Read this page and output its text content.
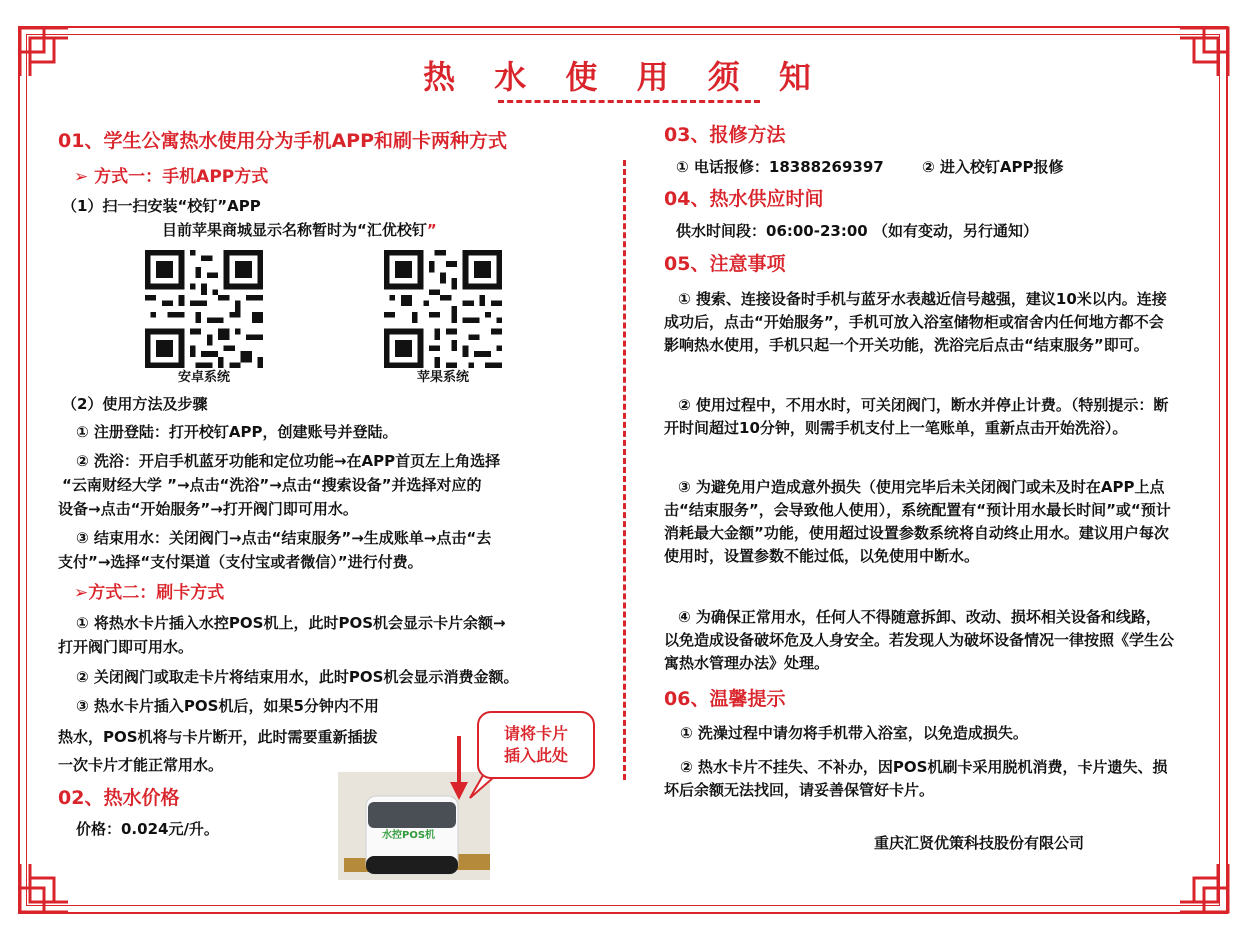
热 水 使 用 须 知
01、学生公寓热水使用分为手机APP和刷卡两种方式
➢ 方式一：手机APP方式
（1）扫一扫安装“校钉”APP
目前苹果商城显示名称暂时为“汇优校钉”
安卓系统	苹果系统
（2）使用方法及步骤
① 注册登陆：打开校钉APP，创建账号并登陆。
② 洗浴：开启手机蓝牙功能和定位功能→在APP首页左上角选择
“云南财经大学 ”→点击“洗浴”→点击“搜索设备”并选择对应的
设备→点击“开始服务”→打开阀门即可用水。
③ 结束用水：关闭阀门→点击“结束服务”→生成账单→点击“去
支付”→选择“支付渠道（支付宝或者微信）”进行付费。
➢方式二：刷卡方式
① 将热水卡片插入水控POS机上，此时POS机会显示卡片余额→
打开阀门即可用水。
② 关闭阀门或取走卡片将结束用水，此时POS机会显示消费金额。
③ 热水卡片插入POS机后，如果5分钟内不用
热水，POS机将与卡片断开，此时需要重新插拔
一次卡片才能正常用水。
02、热水价格
价格：0.024元/升。	水控POS机
请将卡片
插入此处
03、报修方法
① 电话报修：18388269397	② 进入校钉APP报修
04、热水供应时间
供水时间段：06:00-23:00 （如有变动，另行通知）
05、注意事项
① 搜索、连接设备时手机与蓝牙水表越近信号越强，建议10米以内。连接成功后，点击“开始服务”，手机可放入浴室储物柜或宿舍内任何地方都不会影响热水使用，手机只起一个开关功能，洗浴完后点击“结束服务”即可。
② 使用过程中，不用水时，可关闭阀门，断水并停止计费。（特别提示：断开时间超过10分钟，则需手机支付上一笔账单，重新点击开始洗浴）。
③ 为避免用户造成意外损失（使用完毕后未关闭阀门或未及时在APP上点击“结束服务”，会导致他人使用），系统配置有“预计用水最长时间”或“预计消耗最大金额”功能，使用超过设置参数系统将自动终止用水。建议用户每次使用时，设置参数不能过低，以免使用中断水。
④ 为确保正常用水，任何人不得随意拆卸、改动、损坏相关设备和线路，以免造成设备破坏危及人身安全。若发现人为破坏设备情况一律按照《学生公寓热水管理办法》处理。
06、温馨提示
① 洗澡过程中请勿将手机带入浴室，以免造成损失。
② 热水卡片不挂失、不补办，因POS机刷卡采用脱机消费，卡片遗失、损坏后余额无法找回，请妥善保管好卡片。
重庆汇贤优策科技股份有限公司
